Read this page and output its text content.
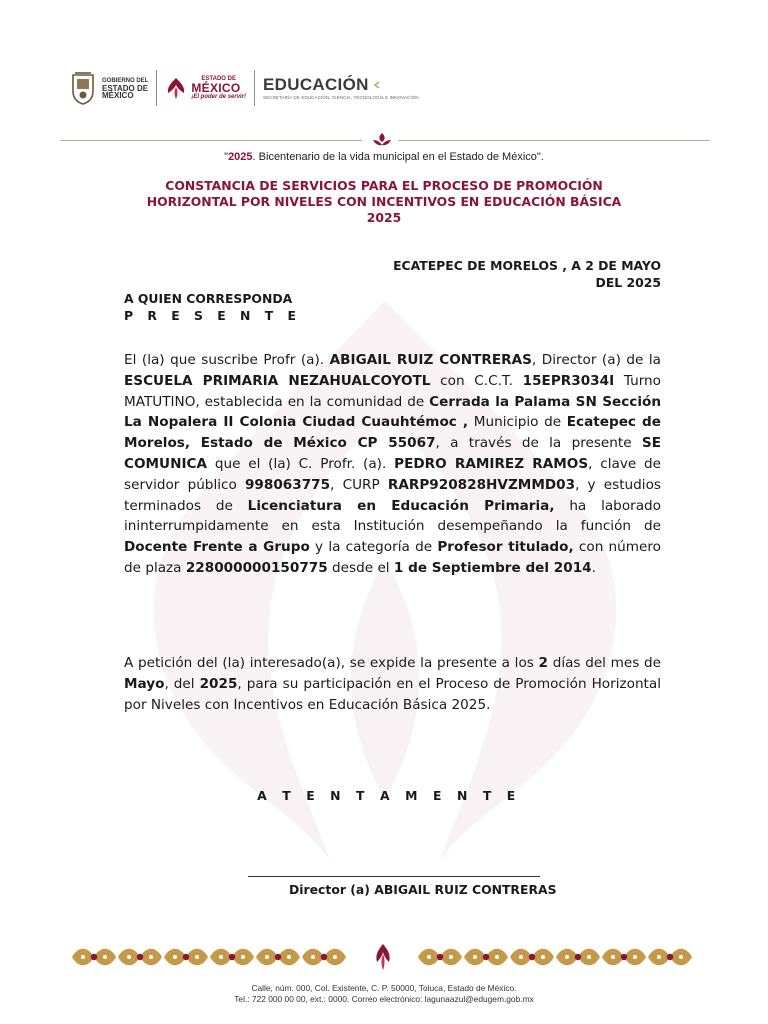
GOBIERNO DEL
ESTADO DE
MÉXICO
ESTADO DE
MÉXICO
¡El poder de servir!
EDUCACIÓN
SECRETARÍA DE EDUCACIÓN, CIENCIA, TECNOLOGÍA E INNOVACIÓN
"2025. Bicentenario de la vida municipal en el Estado de México".
CONSTANCIA DE SERVICIOS PARA EL PROCESO DE PROMOCIÓN
HORIZONTAL POR NIVELES CON INCENTIVOS EN EDUCACIÓN BÁSICA
2025
ECATEPEC DE MORELOS , A 2 DE MAYO
DEL 2025
A QUIEN CORRESPONDA
P R E S E N T E
El (la) que suscribe Profr (a). ABIGAIL RUIZ CONTRERAS, Director (a) de la ESCUELA PRIMARIA NEZAHUALCOYOTL con C.C.T. 15EPR3034I Turno MATUTINO, establecida en la comunidad de Cerrada la Palama SN Sección La Nopalera II Colonia Ciudad Cuauhtémoc , Municipio de Ecatepec de Morelos, Estado de México CP 55067, a través de la presente SE COMUNICA que el (la) C. Profr. (a). PEDRO RAMIREZ RAMOS, clave de servidor público 998063775, CURP RARP920828HVZMMD03, y estudios terminados de Licenciatura en Educación Primaria, ha laborado ininterrumpidamente en esta Institución desempeñando la función de Docente Frente a Grupo y la categoría de Profesor titulado, con número de plaza 228000000150775 desde el 1 de Septiembre del 2014.
A petición del (la) interesado(a), se expide la presente a los 2 días del mes de Mayo, del 2025, para su participación en el Proceso de Promoción Horizontal por Niveles con Incentivos en Educación Básica 2025.
A T E N T A M E N T E
Director (a) ABIGAIL RUIZ CONTRERAS
Calle, núm. 000, Col. Existente, C. P. 50000, Toluca, Estado de México.
Tel.: 722 000 00 00, ext.: 0000. Correo electrónico: lagunaazul@edugem.gob.mx
